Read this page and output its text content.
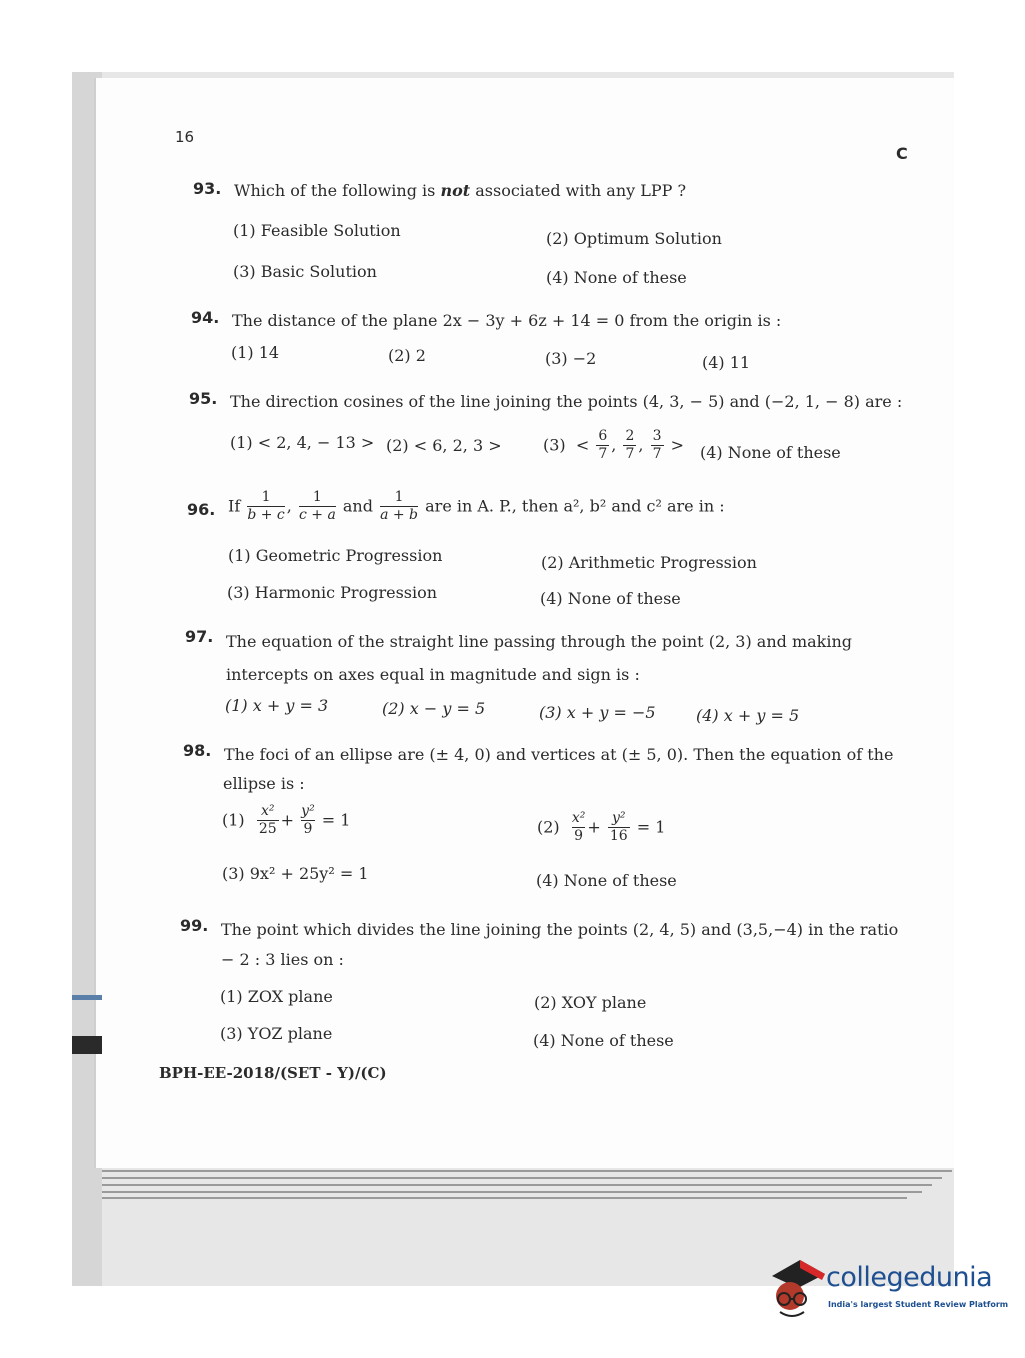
16
C
93. Which of the following is not associated with any LPP ?
(1) Feasible Solution	(2) Optimum Solution
(3) Basic Solution	(4) None of these
94. The distance of the plane 2x − 3y + 6z + 14 = 0 from the origin is :
(1) 14	(2) 2	(3) −2	(4) 11
95. The direction cosines of the line joining the points (4, 3, − 5) and (−2, 1, − 8) are :
(1) < 2, 4, − 13 > (2) < 6, 2, 3 >	$(3) < \frac{6}{7}$ , $\frac{2}{7}$ , $\frac{3}{7} > (4)$ None of these
96. If $\frac{1}{b + c}$ , $\frac{1}{c + a}$ and $\frac{1}{a + b}$ are in A. P., then a², b² and c² are in :
(1) Geometric Progression	(2) Arithmetic Progression
(3) Harmonic Progression	(4) None of these
97. The equation of the straight line passing through the point (2, 3) and making
intercepts on axes equal in magnitude and sign is :
(1) x + y = 3	(2) x − y = 5	(3) x + y = −5	(4) x + y = 5
98. The foci of an ellipse are (± 4, 0) and vertices at (± 5, 0). Then the equation of the
ellipse is :
$(1) \frac{\text{x²}}{25} + \frac{\text{y²}}{9} = 1$	$(2) \frac{\text{x²}}{9} + \frac{\text{y²}}{16} = 1$
(3) 9x² + 25y² = 1	(4) None of these
99. The point which divides the line joining the points (2, 4, 5) and (3,5,−4) in the ratio
− 2 : 3 lies on :
(1) ZOX plane	(2) XOY plane
(3) YOZ plane	(4) None of these
BPH-EE-2018/(SET - Y)/(C)
collegedunia
India's largest Student Review Platform
